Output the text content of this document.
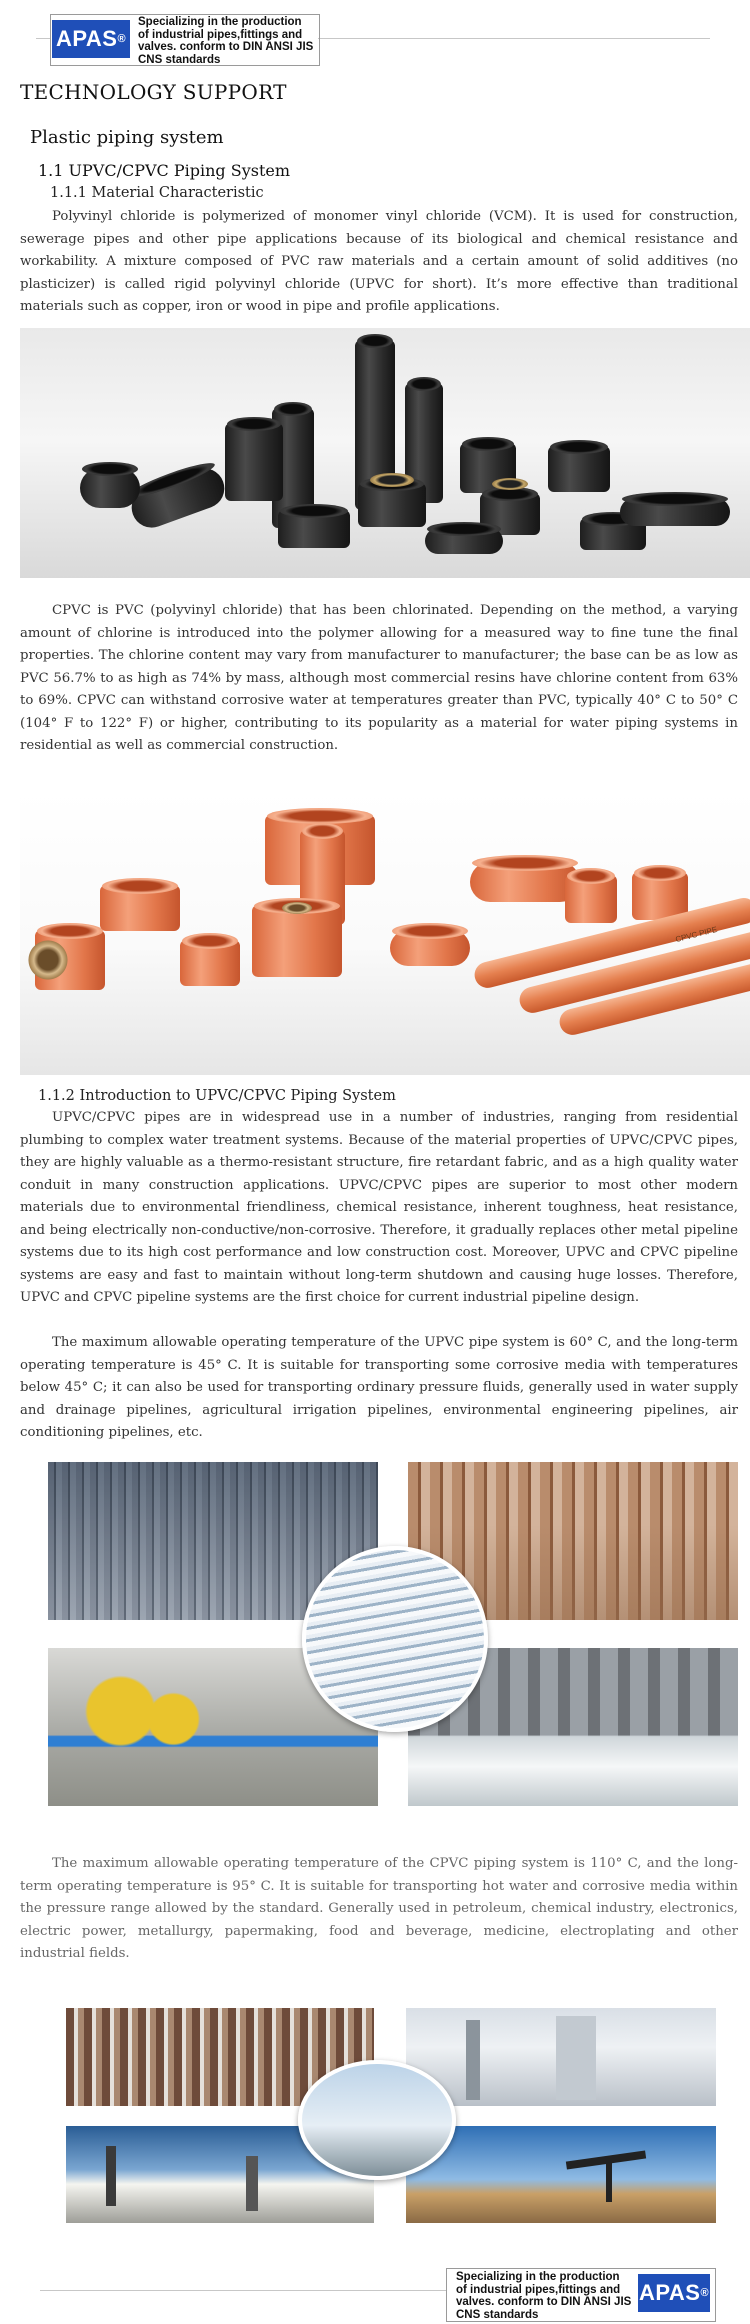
APAS ®
Specializing in the production
of industrial pipes,fittings and
valves. conform to DIN ANSI JIS
CNS standards
TECHNOLOGY SUPPORT
Plastic piping system
1.1 UPVC/CPVC Piping System
1.1.1 Material Characteristic

Polyvinyl chloride is polymerized of monomer vinyl chloride (VCM). It is used for construction, sewerage pipes and other pipe applications because of its biological and chemical resistance and workability. A mixture composed of PVC raw materials and a certain amount of solid additives (no plasticizer) is called rigid polyvinyl chloride (UPVC for short). It’s more effective than traditional materials such as copper, iron or wood in pipe and profile applications.

CPVC is PVC (polyvinyl chloride) that has been chlorinated. Depending on the method, a varying amount of chlorine is introduced into the polymer allowing for a measured way to fine tune the final properties. The chlorine content may vary from manufacturer to manufacturer; the base can be as low as PVC 56.7% to as high as 74% by mass, although most commercial resins have chlorine content from 63% to 69%. CPVC can withstand corrosive water at temperatures greater than PVC, typically 40° C to 50° C (104° F to 122° F) or higher, contributing to its popularity as a material for water piping systems in residential as well as commercial construction.

CPVC PIPE
1.1.2 Introduction to UPVC/CPVC Piping System

UPVC/CPVC pipes are in widespread use in a number of industries, ranging from residential plumbing to complex water treatment systems. Because of the material properties of UPVC/CPVC pipes, they are highly valuable as a thermo-resistant structure, fire retardant fabric, and as a high quality water conduit in many construction applications. UPVC/CPVC pipes are superior to most other modern materials due to environmental friendliness, chemical resistance, inherent toughness, heat resistance, and being electrically non-conductive/non-corrosive. Therefore, it gradually replaces other metal pipeline systems due to its high cost performance and low construction cost. Moreover, UPVC and CPVC pipeline systems are easy and fast to maintain without long-term shutdown and causing huge losses. Therefore, UPVC and CPVC pipeline systems are the first choice for current industrial pipeline design.

The maximum allowable operating temperature of the UPVC pipe system is 60° C, and the long-term operating temperature is 45° C. It is suitable for transporting some corrosive media with temperatures below 45° C; it can also be used for transporting ordinary pressure fluids, generally used in water supply and drainage pipelines, agricultural irrigation pipelines, environmental engineering pipelines, air conditioning pipelines, etc.

The maximum allowable operating temperature of the CPVC piping system is 110° C, and the long-term operating temperature is 95° C. It is suitable for transporting hot water and corrosive media within the pressure range allowed by the standard. Generally used in petroleum, chemical industry, electronics, electric power, metallurgy, papermaking, food and beverage, medicine, electroplating and other industrial fields.

Specializing in the production
of industrial pipes,fittings and
valves. conform to DIN ANSI JIS
CNS standards
APAS ®
